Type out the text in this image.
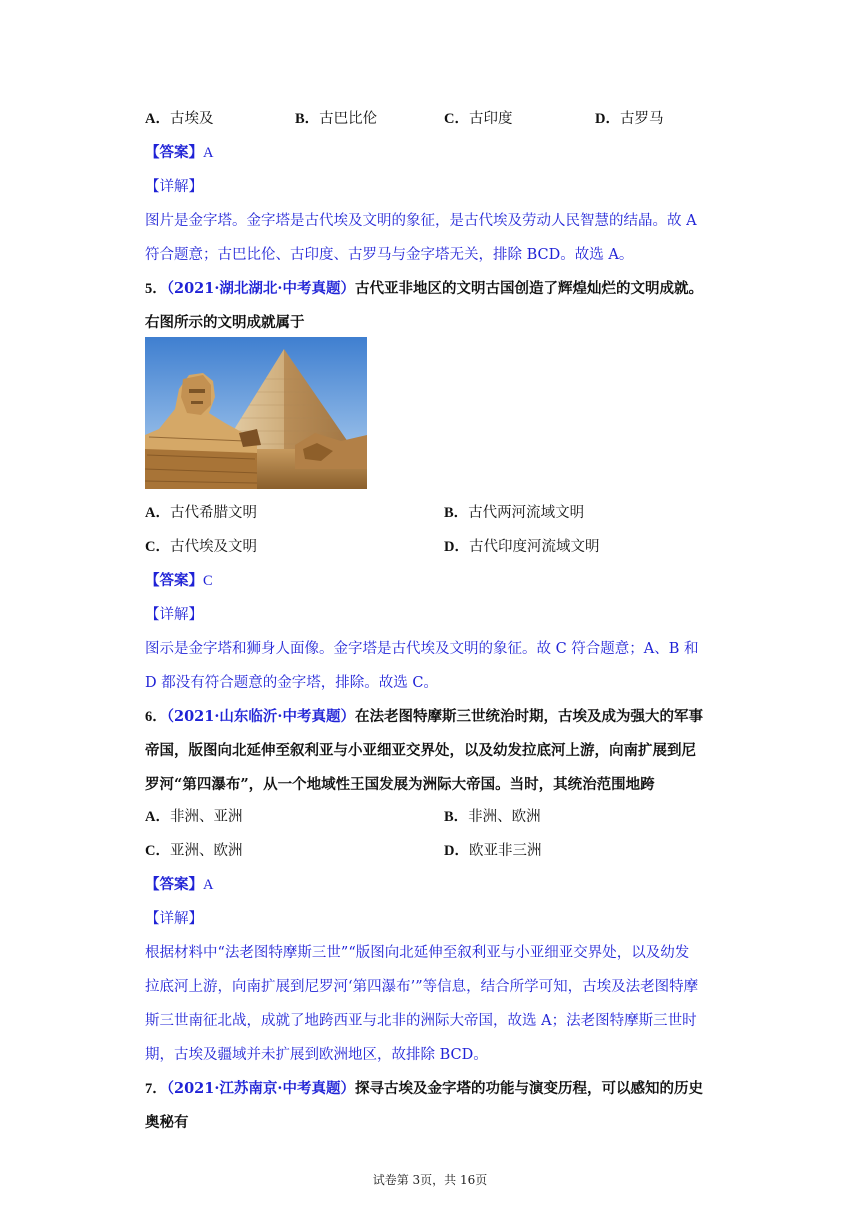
A．古埃及	B．古巴比伦	C．古印度	D．古罗马
【答案】A
【详解】
图片是金字塔。金字塔是古代埃及文明的象征，是古代埃及劳动人民智慧的结晶。故 A
符合题意；古巴比伦、古印度、古罗马与金字塔无关，排除 BCD。故选 A。
5．（2021·湖北湖北·中考真题）古代亚非地区的文明古国创造了辉煌灿烂的文明成就。
右图所示的文明成就属于
A．古代希腊文明	B．古代两河流域文明
C．古代埃及文明	D．古代印度河流域文明
【答案】C
【详解】
图示是金字塔和狮身人面像。金字塔是古代埃及文明的象征。故 C 符合题意；A、B 和
D 都没有符合题意的金字塔，排除。故选 C。
6．（2021·山东临沂·中考真题）在法老图特摩斯三世统治时期，古埃及成为强大的军事
帝国，版图向北延伸至叙利亚与小亚细亚交界处，以及幼发拉底河上游，向南扩展到尼
罗河“第四瀑布”，从一个地域性王国发展为洲际大帝国。当时，其统治范围地跨
A．非洲、亚洲	B．非洲、欧洲
C．亚洲、欧洲	D．欧亚非三洲
【答案】A
【详解】
根据材料中“法老图特摩斯三世”“版图向北延伸至叙利亚与小亚细亚交界处，以及幼发
拉底河上游，向南扩展到尼罗河‘第四瀑布’”等信息，结合所学可知，古埃及法老图特摩
斯三世南征北战，成就了地跨西亚与北非的洲际大帝国，故选 A；法老图特摩斯三世时
期，古埃及疆域并未扩展到欧洲地区，故排除 BCD。
7．（2021·江苏南京·中考真题）探寻古埃及金字塔的功能与演变历程，可以感知的历史
奥秘有
试卷第 3页，共 16页
